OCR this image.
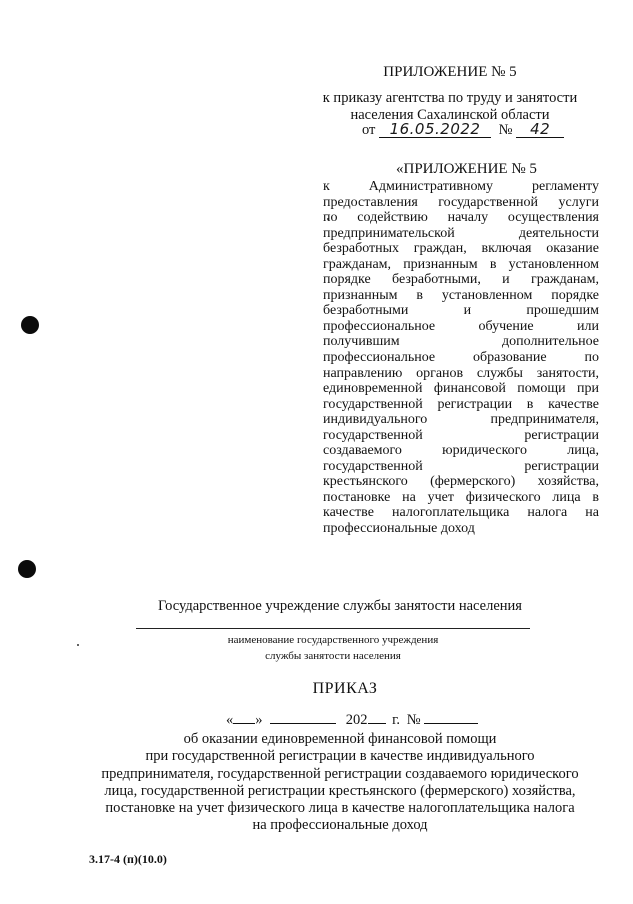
ПРИЛОЖЕНИЕ № 5
к приказу агентства по труду и занятости
населения Сахалинской области
от 16.05.2022 № 42
«ПРИЛОЖЕНИЕ № 5
к Административному регламенту
предоставления государственной услуги
по содействию началу осуществления
предпринимательской деятельности
безработных граждан, включая оказание
гражданам, признанным в установленном
порядке безработными, и гражданам,
признанным в установленном порядке
безработными и прошедшим
профессиональное обучение или
получившим дополнительное
профессиональное образование по
направлению органов службы занятости,
единовременной финансовой помощи при
государственной регистрации в качестве
индивидуального предпринимателя,
государственной регистрации
создаваемого юридического лица,
государственной регистрации
крестьянского (фермерского) хозяйства,
постановке на учет физического лица в
качестве налогоплательщика налога на
профессиональные доход
Государственное учреждение службы занятости населения
наименование государственного учреждения
службы занятости населения
ПРИКАЗ
« »	202 г. №
об оказании единовременной финансовой помощи
при государственной регистрации в качестве индивидуального
предпринимателя, государственной регистрации создаваемого юридического
лица, государственной регистрации крестьянского (фермерского) хозяйства,
постановке на учет физического лица в качестве налогоплательщика налога
на профессиональные доход
3.17-4 (п)(10.0)
